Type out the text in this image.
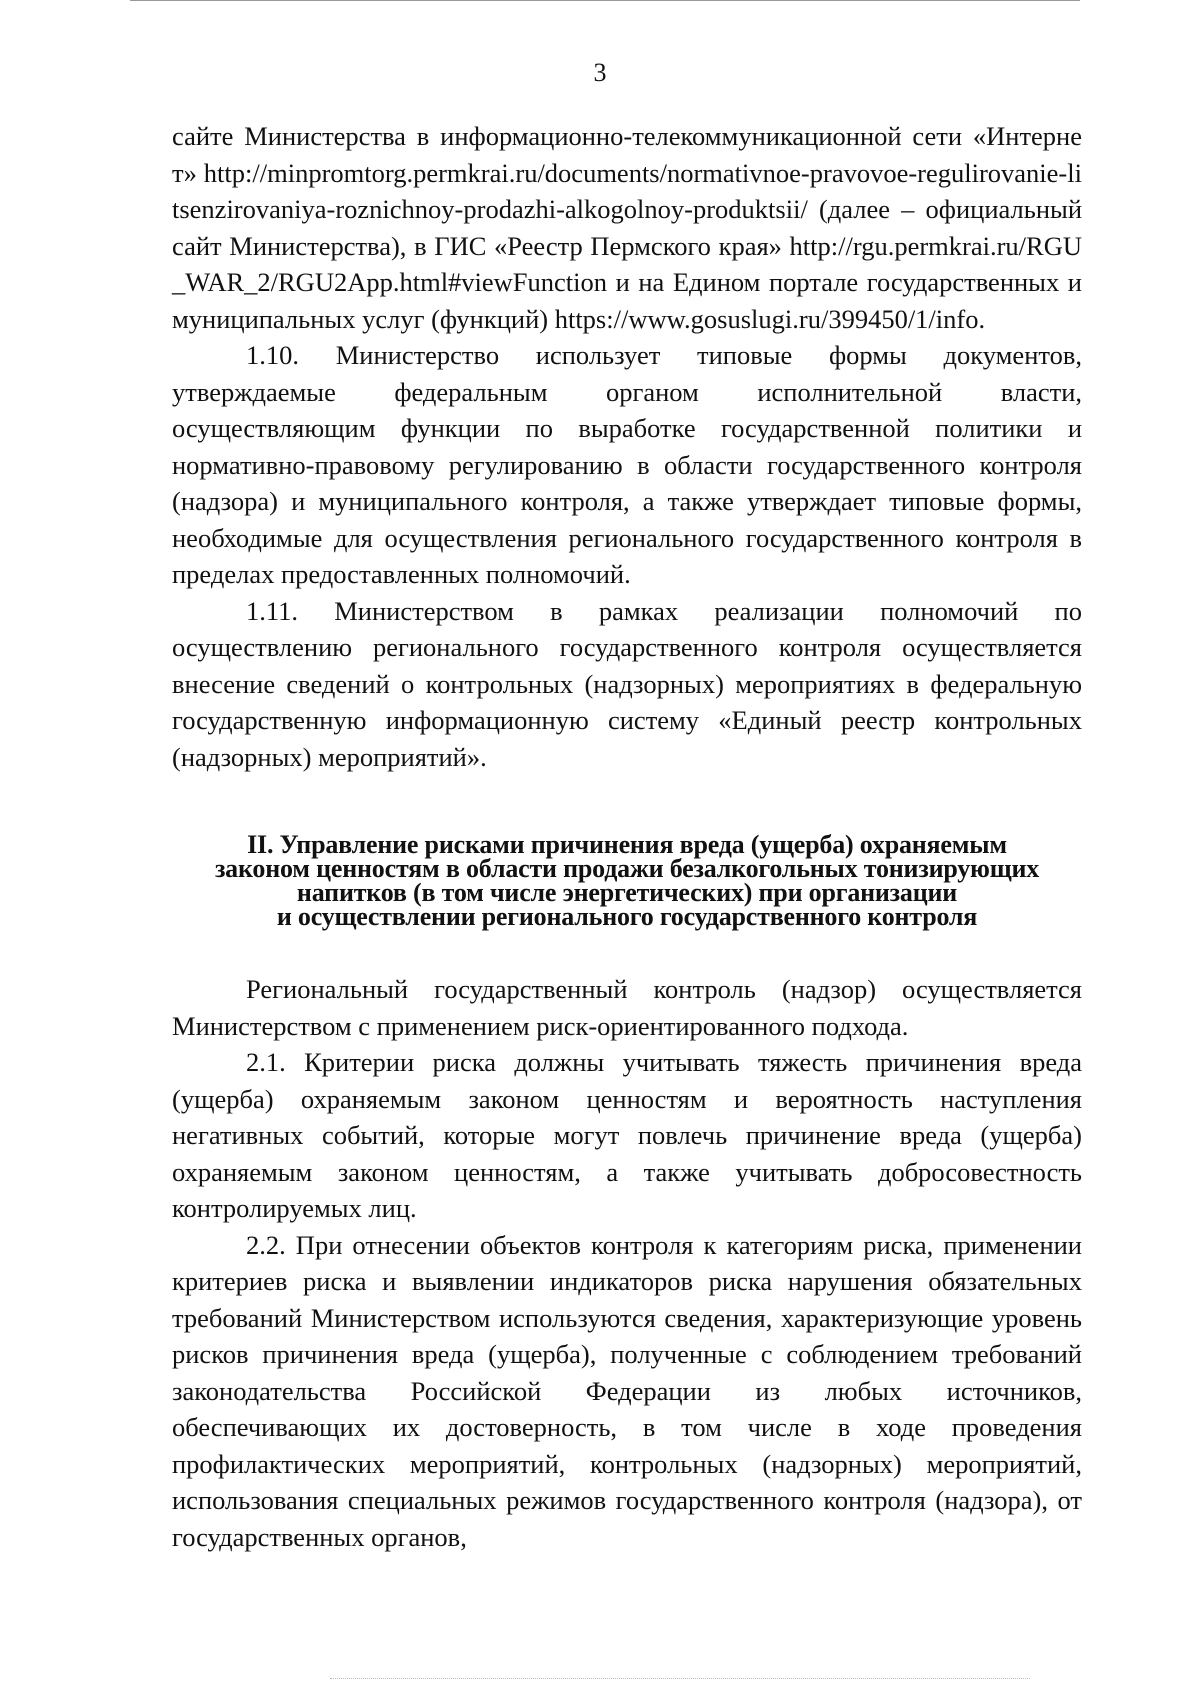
3

сайте Министерства в информационно-телекоммуникационной сети «Интернет» http://minpromtorg.permkrai.ru/documents/normativnoe-pravovoe-regulirovanie-litsenzirovaniya-roznichnoy-prodazhi-alkogolnoy-produktsii/ (далее – официальный сайт Министерства), в ГИС «Реестр Пермского края» http://rgu.permkrai.ru/RGU_WAR_2/RGU2App.html#viewFunction и на Едином портале государственных и муниципальных услуг (функций) https://www.gosuslugi.ru/399450/1/info.

1.10. Министерство использует типовые формы документов, утверждаемые федеральным органом исполнительной власти, осуществляющим функции по выработке государственной политики и нормативно-правовому регулированию в области государственного контроля (надзора) и муниципального контроля, а также утверждает типовые формы, необходимые для осуществления регионального государственного контроля в пределах предоставленных полномочий.

1.11. Министерством в рамках реализации полномочий по осуществлению регионального государственного контроля осуществляется внесение сведений о контрольных (надзорных) мероприятиях в федеральную государственную информационную систему «Единый реестр контрольных (надзорных) мероприятий».

II. Управление рисками причинения вреда (ущерба) охраняемым
законом ценностям в области продажи безалкогольных тонизирующих
напитков (в том числе энергетических) при организации
и осуществлении регионального государственного контроля

Региональный государственный контроль (надзор) осуществляется Министерством с применением риск-ориентированного подхода.

2.1. Критерии риска должны учитывать тяжесть причинения вреда (ущерба) охраняемым законом ценностям и вероятность наступления негативных событий, которые могут повлечь причинение вреда (ущерба) охраняемым законом ценностям, а также учитывать добросовестность контролируемых лиц.

2.2. При отнесении объектов контроля к категориям риска, применении критериев риска и выявлении индикаторов риска нарушения обязательных требований Министерством используются сведения, характеризующие уровень рисков причинения вреда (ущерба), полученные с соблюдением требований законодательства Российской Федерации из любых источников, обеспечивающих их достоверность, в том числе в ходе проведения профилактических мероприятий, контрольных (надзорных) мероприятий, использования специальных режимов государственного контроля (надзора), от государственных органов,
